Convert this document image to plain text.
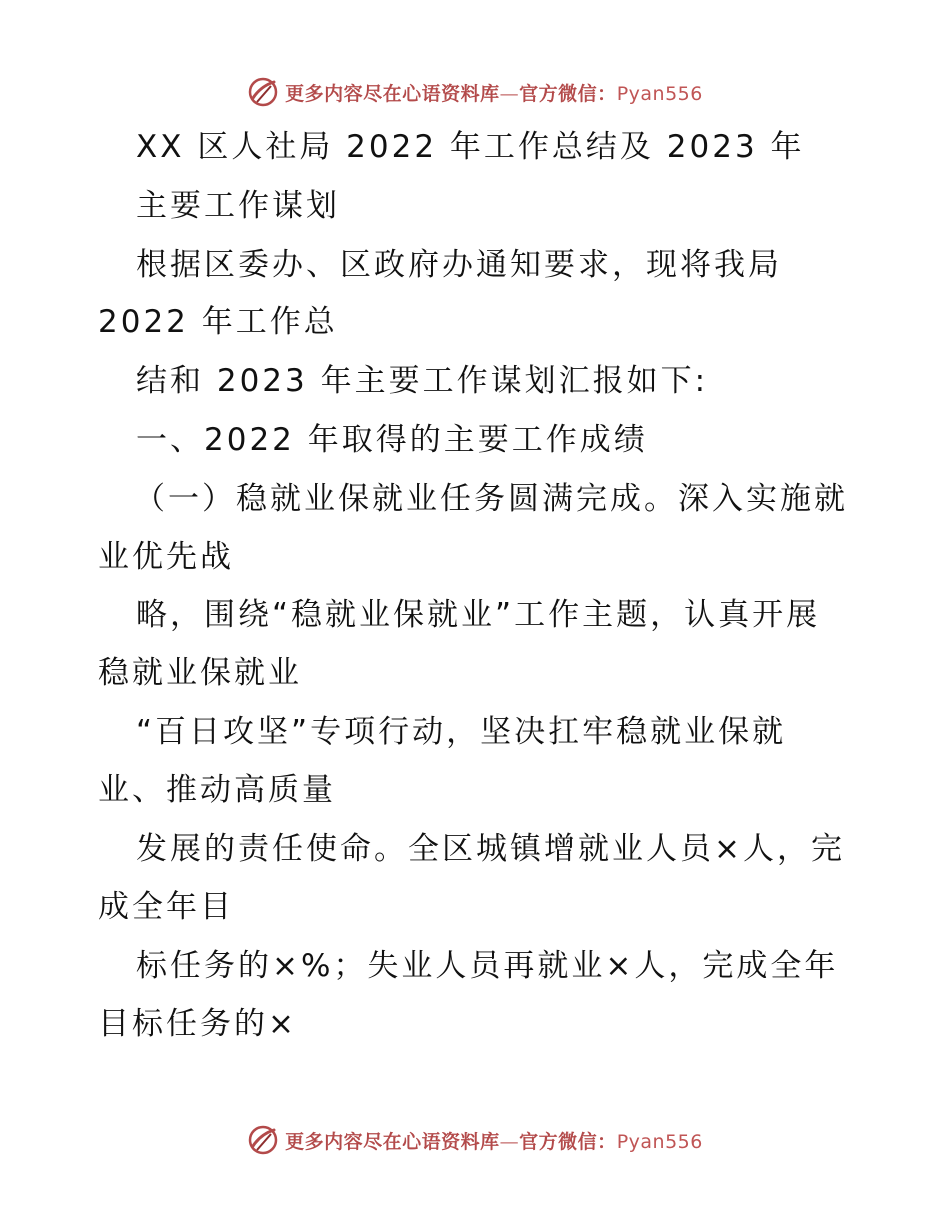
更多内容尽在心语资料库—官方微信：Pyan556
XX 区人社局 2022 年工作总结及 2023 年
主要工作谋划
根据区委办、区政府办通知要求，现将我局
2022 年工作总
结和 2023 年主要工作谋划汇报如下:
一、2022 年取得的主要工作成绩
（一）稳就业保就业任务圆满完成。深入实施就
业优先战
略，围绕“稳就业保就业”工作主题，认真开展
稳就业保就业
“百日攻坚”专项行动，坚决扛牢稳就业保就
业、推动高质量
发展的责任使命。全区城镇增就业人员×人，完
成全年目
标任务的×%；失业人员再就业×人，完成全年
目标任务的×
更多内容尽在心语资料库—官方微信：Pyan556
